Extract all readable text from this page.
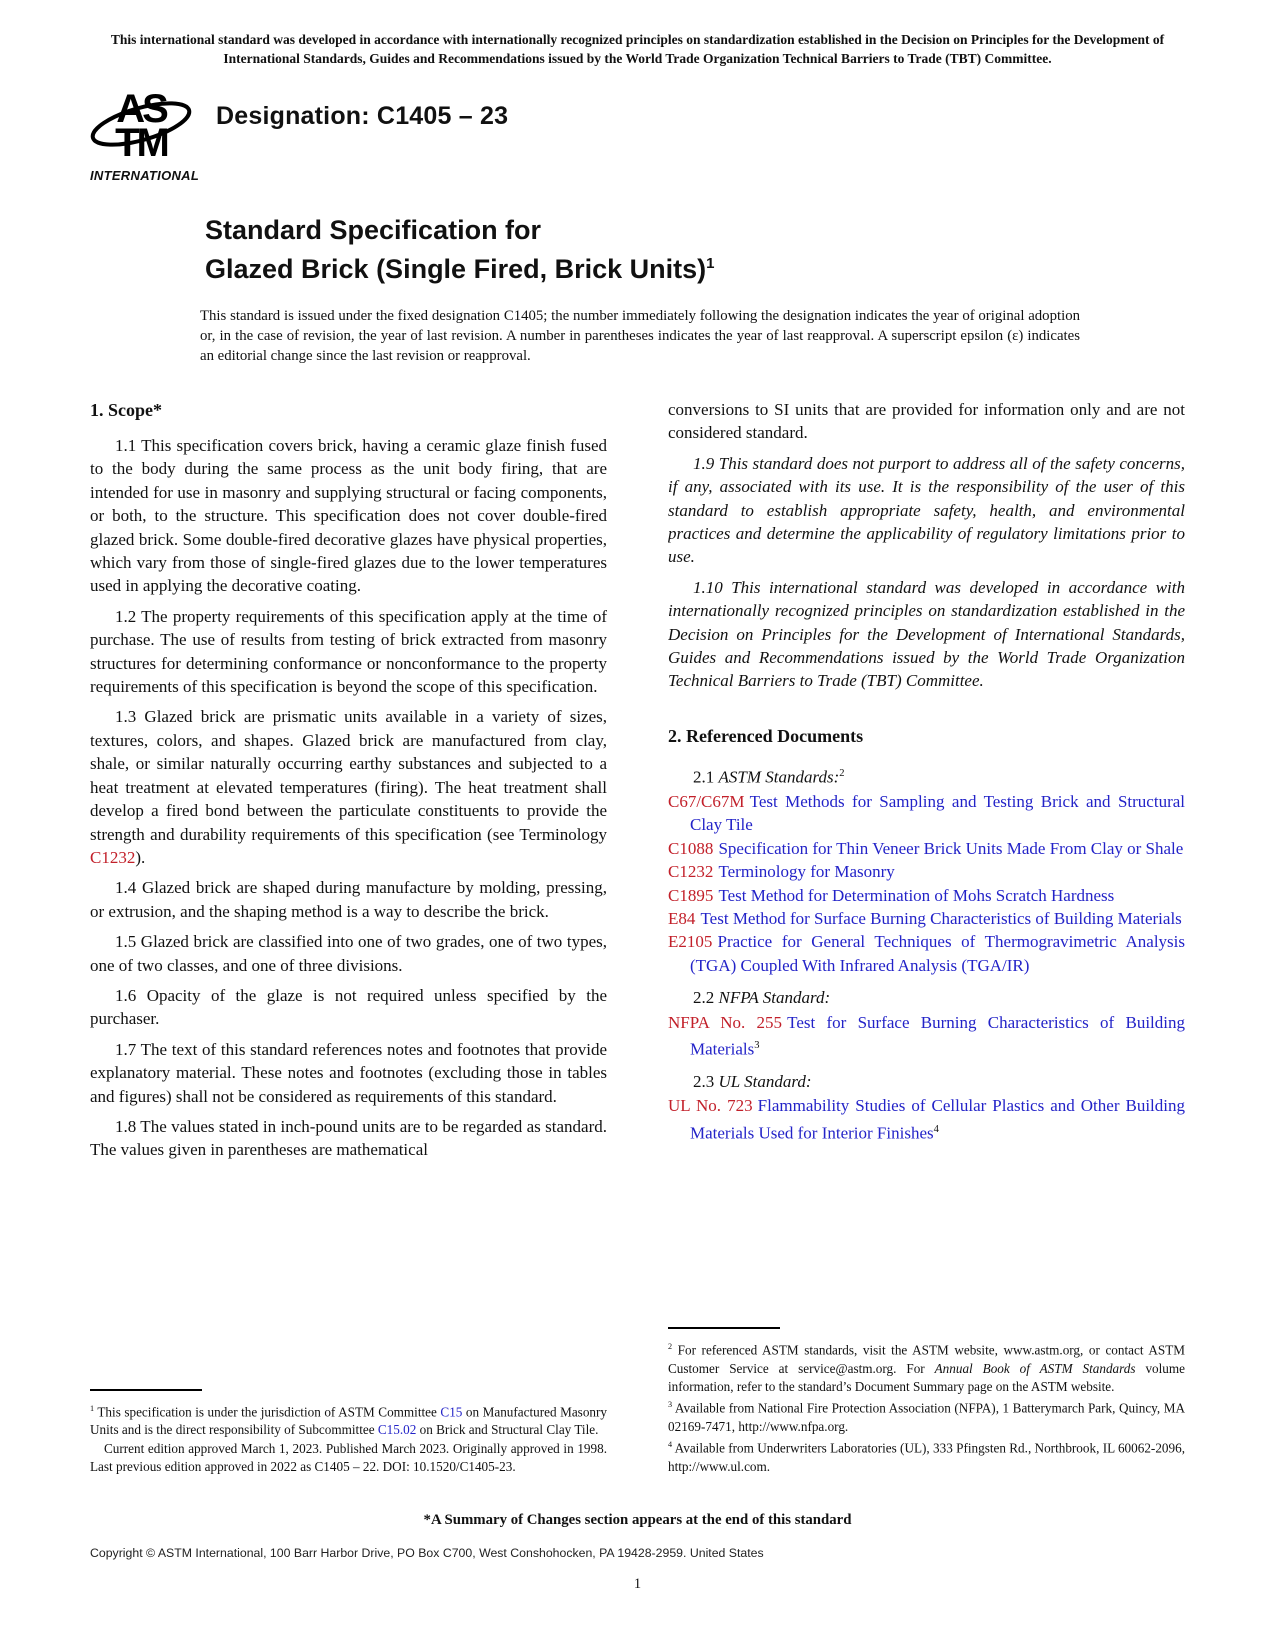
This international standard was developed in accordance with internationally recognized principles on standardization established in the Decision on Principles for the Development of International Standards, Guides and Recommendations issued by the World Trade Organization Technical Barriers to Trade (TBT) Committee.
AS
TM
INTERNATIONAL
Designation: C1405 – 23
Standard Specification for
Glazed Brick (Single Fired, Brick Units)$^1$
This standard is issued under the fixed designation C1405; the number immediately following the designation indicates the year of original adoption or, in the case of revision, the year of last revision. A number in parentheses indicates the year of last reapproval. A superscript epsilon (ε) indicates an editorial change since the last revision or reapproval.
1. Scope*

1.1 This specification covers brick, having a ceramic glaze finish fused to the body during the same process as the unit body firing, that are intended for use in masonry and supplying structural or facing components, or both, to the structure. This specification does not cover double-fired glazed brick. Some double-fired decorative glazes have physical properties, which vary from those of single-fired glazes due to the lower temperatures used in applying the decorative coating.

1.2 The property requirements of this specification apply at the time of purchase. The use of results from testing of brick extracted from masonry structures for determining conformance or nonconformance to the property requirements of this specification is beyond the scope of this specification.

1.3 Glazed brick are prismatic units available in a variety of sizes, textures, colors, and shapes. Glazed brick are manufactured from clay, shale, or similar naturally occurring earthy substances and subjected to a heat treatment at elevated temperatures (firing). The heat treatment shall develop a fired bond between the particulate constituents to provide the strength and durability requirements of this specification (see Terminology C1232).

1.4 Glazed brick are shaped during manufacture by molding, pressing, or extrusion, and the shaping method is a way to describe the brick.

1.5 Glazed brick are classified into one of two grades, one of two types, one of two classes, and one of three divisions.

1.6 Opacity of the glaze is not required unless specified by the purchaser.

1.7 The text of this standard references notes and footnotes that provide explanatory material. These notes and footnotes (excluding those in tables and figures) shall not be considered as requirements of this standard.

1.8 The values stated in inch-pound units are to be regarded as standard. The values given in parentheses are mathematical

$^1$ This specification is under the jurisdiction of ASTM Committee C15 on Manufactured Masonry Units and is the direct responsibility of Subcommittee C15.02 on Brick and Structural Clay Tile.

Current edition approved March 1, 2023. Published March 2023. Originally approved in 1998. Last previous edition approved in 2022 as C1405 – 22. DOI: 10.1520/C1405-23.

conversions to SI units that are provided for information only and are not considered standard.

1.9 This standard does not purport to address all of the safety concerns, if any, associated with its use. It is the responsibility of the user of this standard to establish appropriate safety, health, and environmental practices and determine the applicability of regulatory limitations prior to use.

1.10 This international standard was developed in accordance with internationally recognized principles on standardization established in the Decision on Principles for the Development of International Standards, Guides and Recommendations issued by the World Trade Organization Technical Barriers to Trade (TBT) Committee.

2. Referenced Documents

2.1 ASTM Standards:$^2$

C67/C67M Test Methods for Sampling and Testing Brick and Structural Clay Tile

C1088 Specification for Thin Veneer Brick Units Made From Clay or Shale

C1232 Terminology for Masonry

C1895 Test Method for Determination of Mohs Scratch Hardness

E84 Test Method for Surface Burning Characteristics of Building Materials

E2105 Practice for General Techniques of Thermogravimetric Analysis (TGA) Coupled With Infrared Analysis (TGA/IR)

2.2 NFPA Standard:

NFPA No. 255 Test for Surface Burning Characteristics of Building Materials$^3$

2.3 UL Standard:

UL No. 723 Flammability Studies of Cellular Plastics and Other Building Materials Used for Interior Finishes$^4$

$^2$ For referenced ASTM standards, visit the ASTM website, www.astm.org, or contact ASTM Customer Service at service@astm.org. For Annual Book of ASTM Standards volume information, refer to the standard’s Document Summary page on the ASTM website.

$^3$ Available from National Fire Protection Association (NFPA), 1 Batterymarch Park, Quincy, MA 02169-7471, http://www.nfpa.org.

$^4$ Available from Underwriters Laboratories (UL), 333 Pfingsten Rd., Northbrook, IL 60062-2096, http://www.ul.com.

*A Summary of Changes section appears at the end of this standard
Copyright © ASTM International, 100 Barr Harbor Drive, PO Box C700, West Conshohocken, PA 19428-2959. United States
1
